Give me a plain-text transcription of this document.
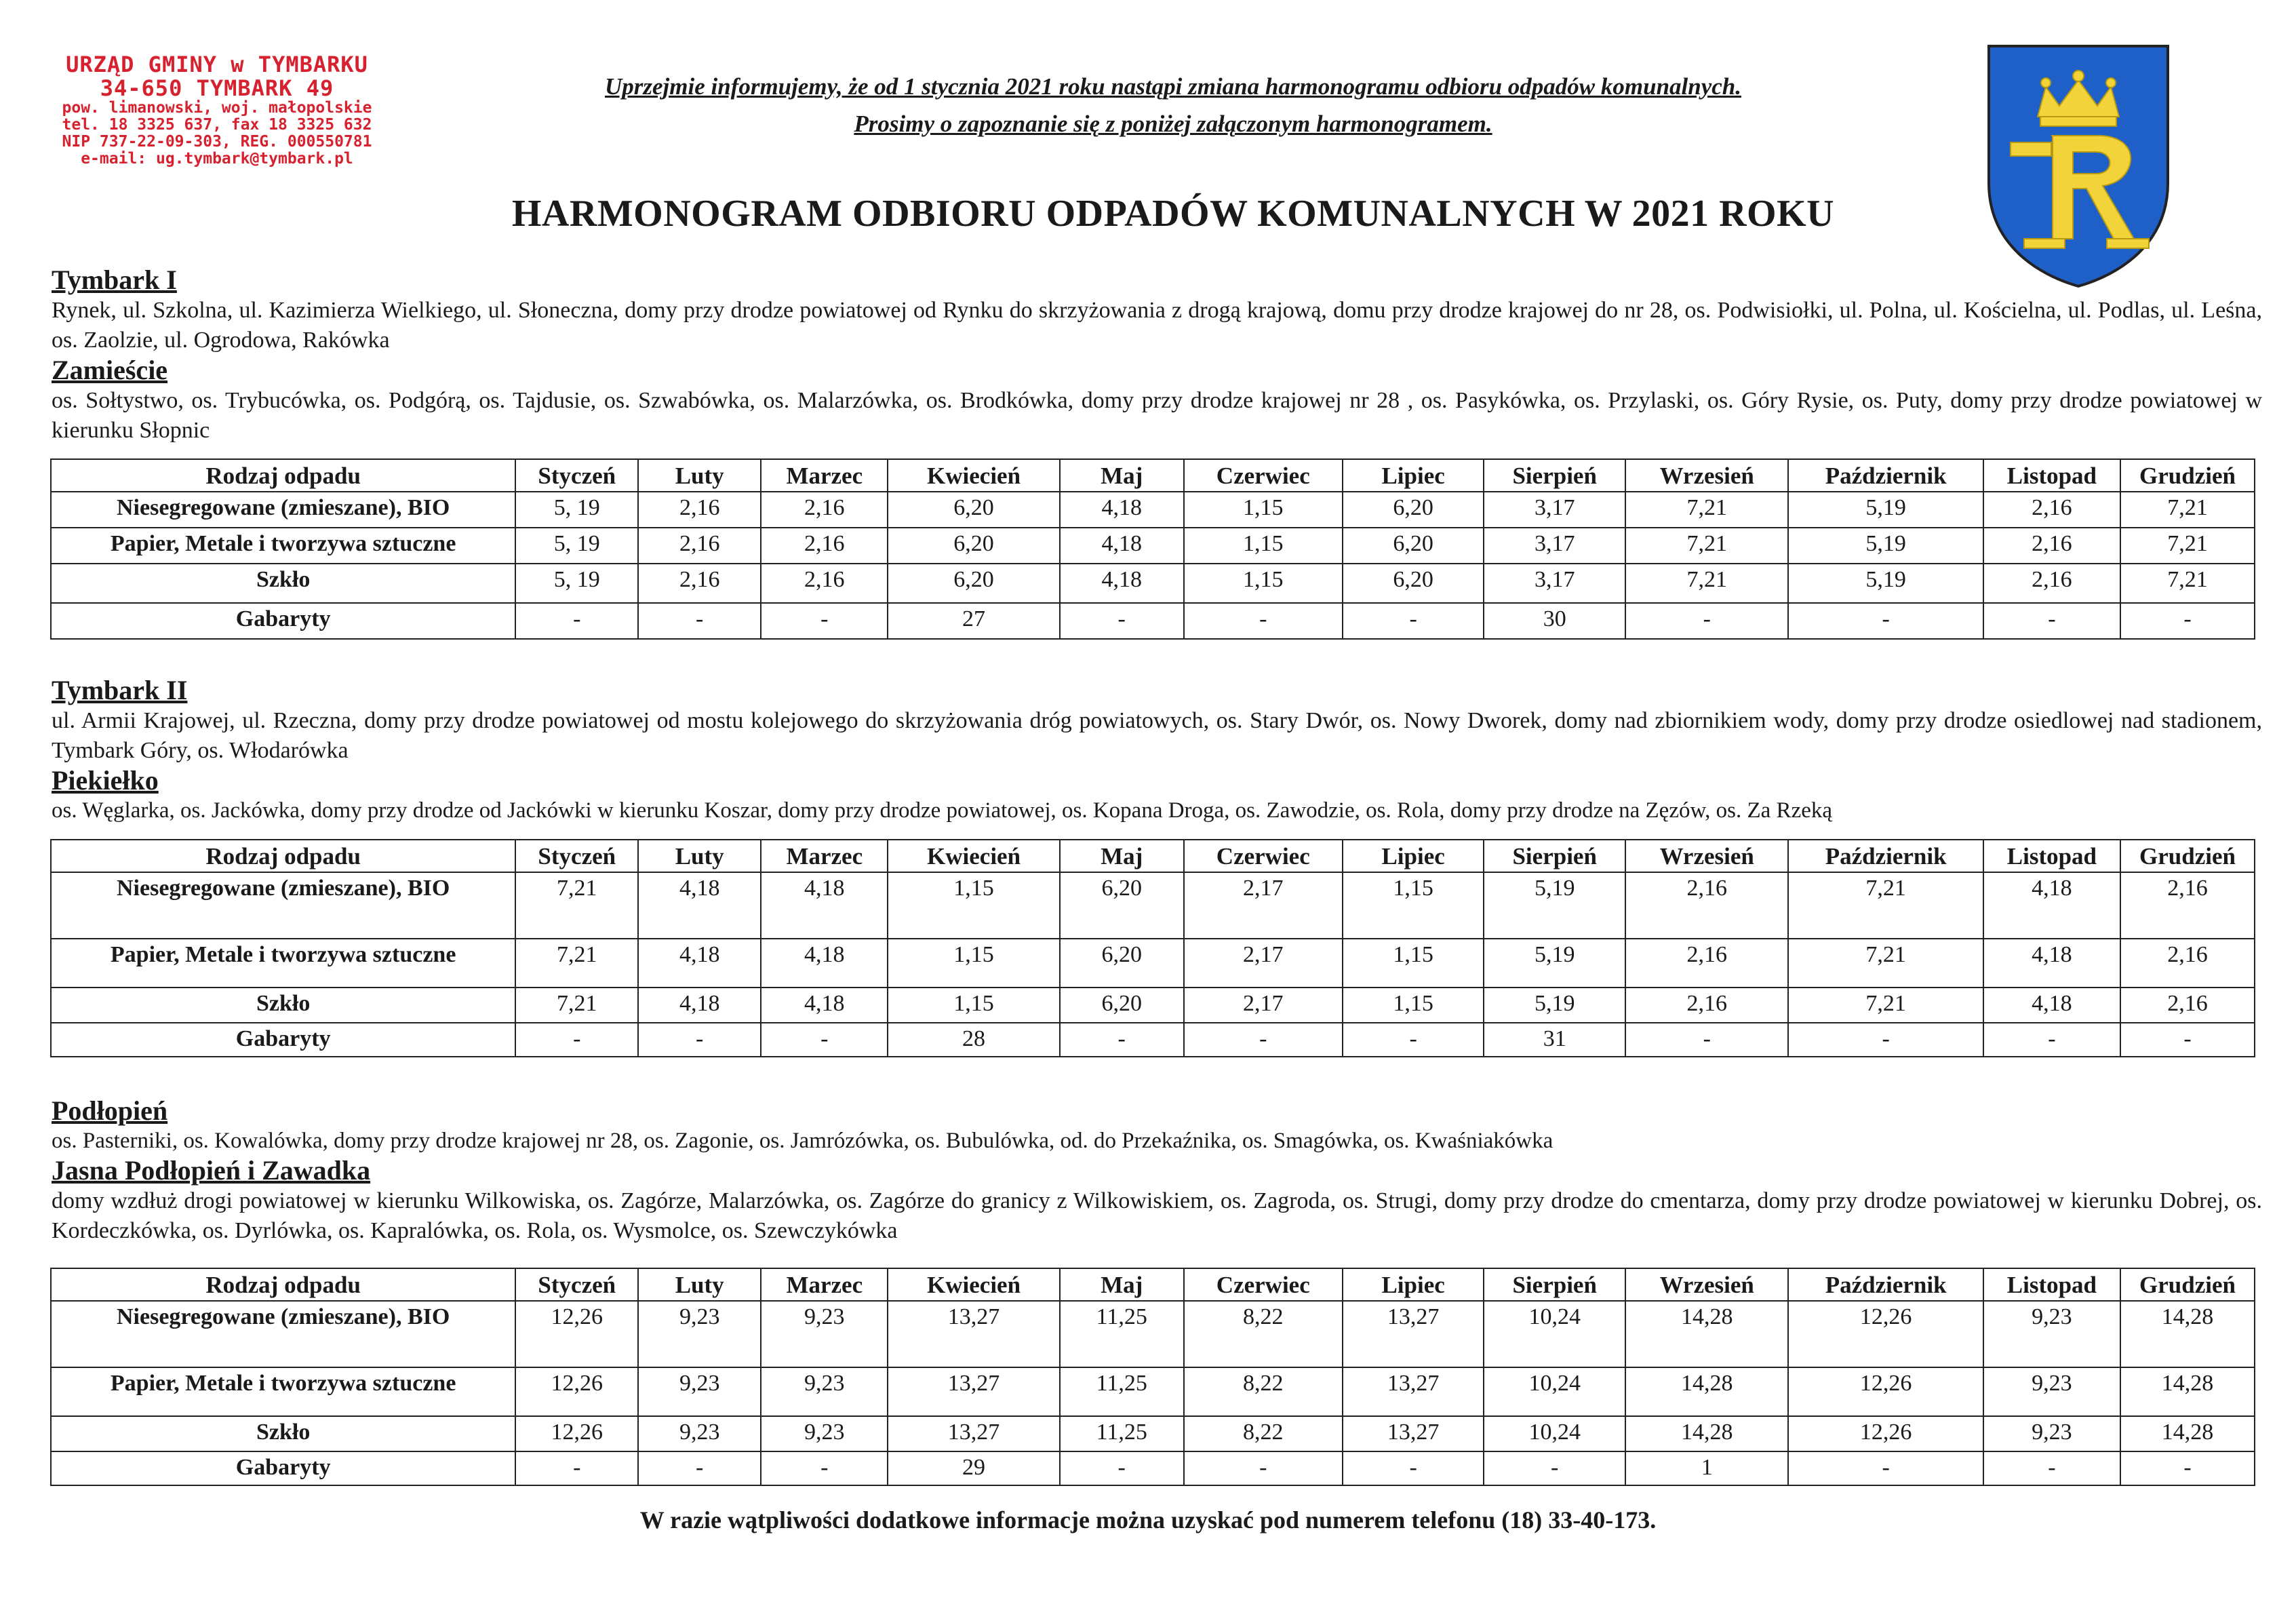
URZĄD GMINY w TYMBARKU
34-650 TYMBARK 49
pow. limanowski, woj. małopolskie
tel. 18 3325 637, fax 18 3325 632
NIP 737-22-09-303, REG. 000550781
e-mail: ug.tymbark@tymbark.pl
Uprzejmie informujemy, że od 1 stycznia 2021 roku nastąpi zmiana harmonogramu odbioru odpadów komunalnych.
Prosimy o zapoznanie się z poniżej załączonym harmonogramem.
HARMONOGRAM ODBIORU ODPADÓW KOMUNALNYCH W 2021 ROKU
Tymbark I
Rynek, ul. Szkolna, ul. Kazimierza Wielkiego, ul. Słoneczna, domy przy drodze powiatowej od Rynku do skrzyżowania z drogą krajową, domu przy drodze krajowej do nr 28, os. Podwisiołki, ul. Polna, ul. Kościelna, ul. Podlas, ul. Leśna, os. Zaolzie, ul. Ogrodowa, Rakówka
Zamieście
os. Sołtystwo, os. Trybucówka, os. Podgórą, os. Tajdusie, os. Szwabówka, os. Malarzówka, os. Brodkówka, domy przy drodze krajowej nr 28 , os. Pasykówka, os. Przylaski, os. Góry Rysie, os. Puty, domy przy drodze powiatowej w kierunku Słopnic
Rodzaj odpadu	Styczeń	Luty	Marzec	Kwiecień	Maj	Czerwiec	Lipiec	Sierpień	Wrzesień	Październik	Listopad	Grudzień
Niesegregowane (zmieszane), BIO	5, 19	2,16	2,16	6,20	4,18	1,15	6,20	3,17	7,21	5,19	2,16	7,21
Papier, Metale i tworzywa sztuczne	5, 19	2,16	2,16	6,20	4,18	1,15	6,20	3,17	7,21	5,19	2,16	7,21
Szkło	5, 19	2,16	2,16	6,20	4,18	1,15	6,20	3,17	7,21	5,19	2,16	7,21
Gabaryty	-	-	-	27	-	-	-	30	-	-	-	-
Tymbark II
ul. Armii Krajowej, ul. Rzeczna, domy przy drodze powiatowej od mostu kolejowego do skrzyżowania dróg powiatowych, os. Stary Dwór, os. Nowy Dworek, domy nad zbiornikiem wody, domy przy drodze osiedlowej nad stadionem, Tymbark Góry, os. Włodarówka
Piekiełko
os. Węglarka, os. Jackówka, domy przy drodze od Jackówki w kierunku Koszar, domy przy drodze powiatowej, os. Kopana Droga, os. Zawodzie, os. Rola, domy przy drodze na Zęzów, os. Za Rzeką
Rodzaj odpadu	Styczeń	Luty	Marzec	Kwiecień	Maj	Czerwiec	Lipiec	Sierpień	Wrzesień	Październik	Listopad	Grudzień
Niesegregowane (zmieszane), BIO	7,21	4,18	4,18	1,15	6,20	2,17	1,15	5,19	2,16	7,21	4,18	2,16
Papier, Metale i tworzywa sztuczne	7,21	4,18	4,18	1,15	6,20	2,17	1,15	5,19	2,16	7,21	4,18	2,16
Szkło	7,21	4,18	4,18	1,15	6,20	2,17	1,15	5,19	2,16	7,21	4,18	2,16
Gabaryty	-	-	-	28	-	-	-	31	-	-	-	-
Podłopień
os. Pasterniki, os. Kowalówka, domy przy drodze krajowej nr 28, os. Zagonie, os. Jamrózówka, os. Bubulówka, od. do Przekaźnika, os. Smagówka, os. Kwaśniakówka
Jasna Podłopień i Zawadka
domy wzdłuż drogi powiatowej w kierunku Wilkowiska, os. Zagórze, Malarzówka, os. Zagórze do granicy z Wilkowiskiem, os. Zagroda, os. Strugi, domy przy drodze do cmentarza, domy przy drodze powiatowej w kierunku Dobrej, os. Kordeczkówka, os. Dyrlówka, os. Kapralówka, os. Rola, os. Wysmolce, os. Szewczykówka
Rodzaj odpadu	Styczeń	Luty	Marzec	Kwiecień	Maj	Czerwiec	Lipiec	Sierpień	Wrzesień	Październik	Listopad	Grudzień
Niesegregowane (zmieszane), BIO	12,26	9,23	9,23	13,27	11,25	8,22	13,27	10,24	14,28	12,26	9,23	14,28
Papier, Metale i tworzywa sztuczne	12,26	9,23	9,23	13,27	11,25	8,22	13,27	10,24	14,28	12,26	9,23	14,28
Szkło	12,26	9,23	9,23	13,27	11,25	8,22	13,27	10,24	14,28	12,26	9,23	14,28
Gabaryty	-	-	-	29	-	-	-	-	1	-	-	-
W razie wątpliwości dodatkowe informacje można uzyskać pod numerem telefonu (18) 33-40-173.
